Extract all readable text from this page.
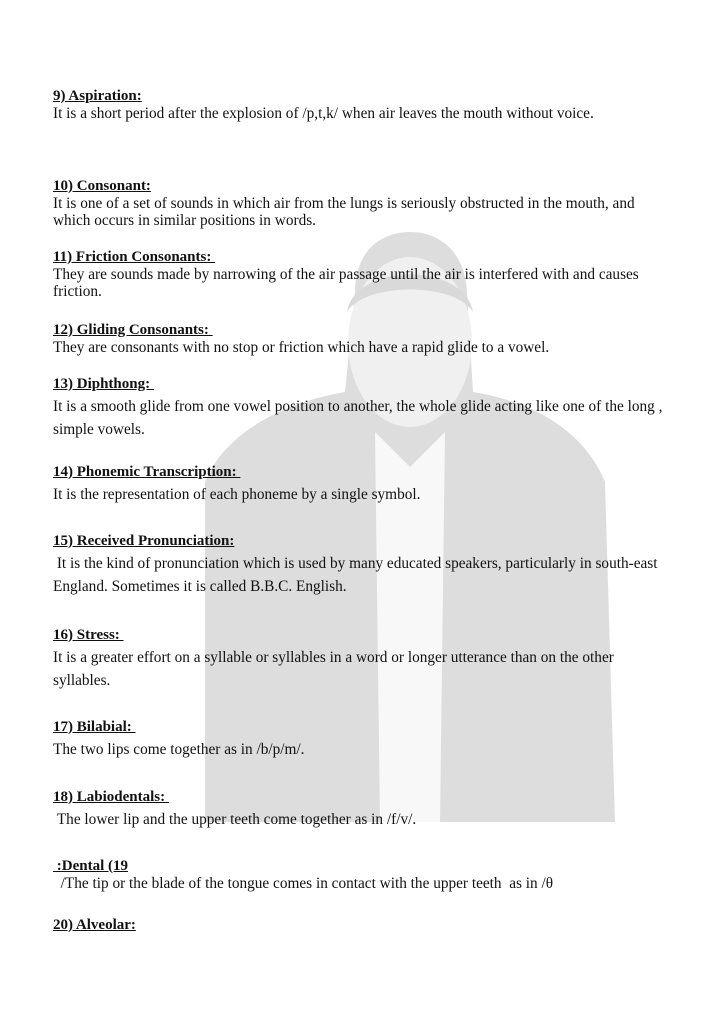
9) Aspiration:

It is a short period after the explosion of /p,t,k/ when air leaves the mouth without voice.

10) Consonant:

It is one of a set of sounds in which air from the lungs is seriously obstructed in the mouth, and which occurs in similar positions in words.

11) Friction Consonants:

They are sounds made by narrowing of the air passage until the air is interfered with and causes friction.

12) Gliding Consonants:

They are consonants with no stop or friction which have a rapid glide to a vowel.

13) Diphthong:

It is a smooth glide from one vowel position to another, the whole glide acting like one of the long , simple vowels.

14) Phonemic Transcription:

It is the representation of each phoneme by a single symbol.

15) Received Pronunciation:

It is the kind of pronunciation which is used by many educated speakers, particularly in south-east England. Sometimes it is called B.B.C. English.

16) Stress:

It is a greater effort on a syllable or syllables in a word or longer utterance than on the other syllables.

17) Bilabial:

The two lips come together as in /b/p/m/.

18) Labiodentals:

The lower lip and the upper teeth come together as in /f/v/.

:Dental (19

/The tip or the blade of the tongue comes in contact with the upper teeth  as in /θ

20) Alveolar:
